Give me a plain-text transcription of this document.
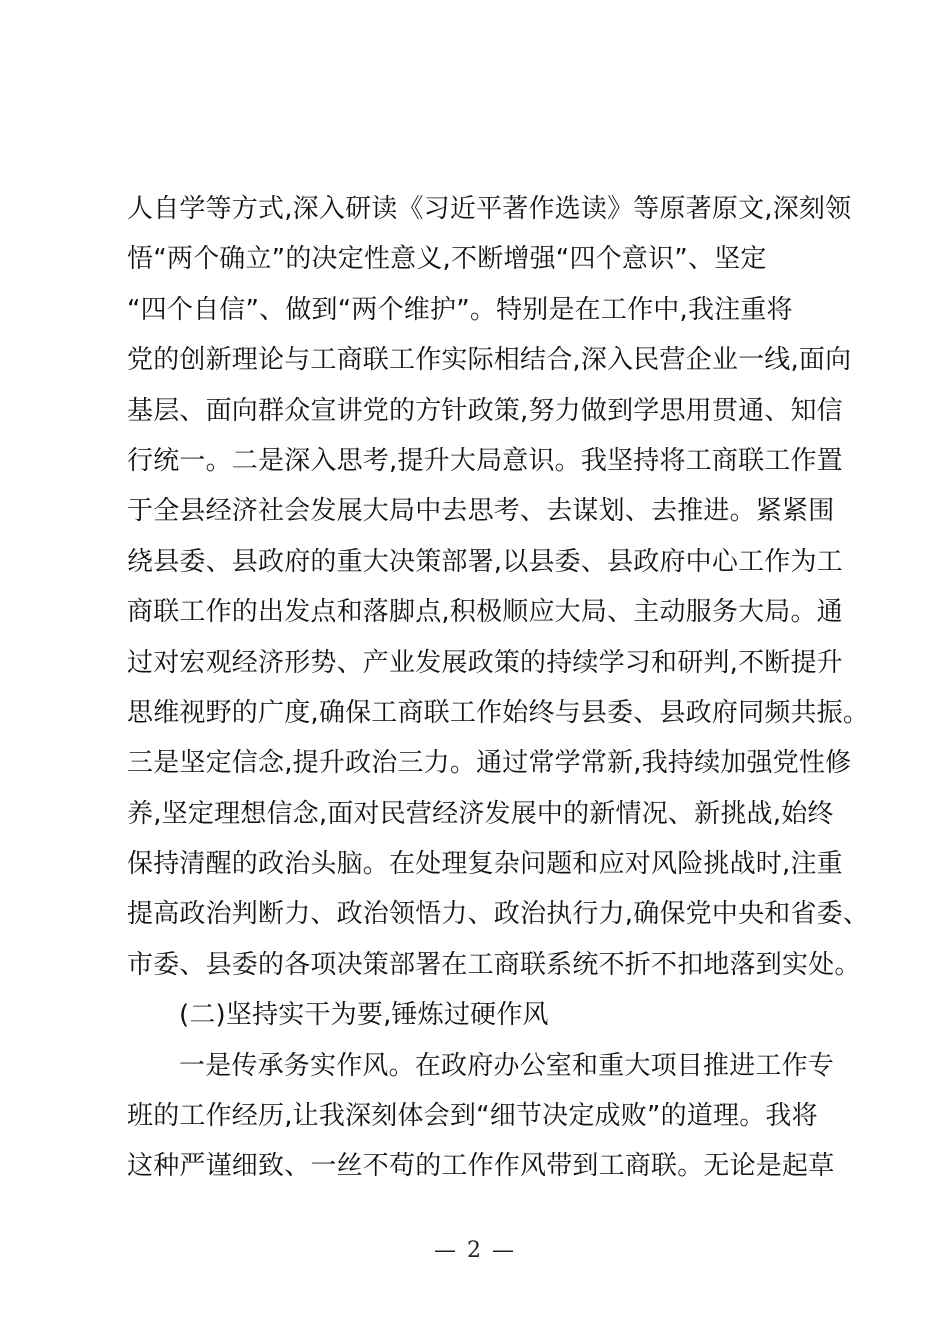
人自学等方式,深入研读《习近平著作选读》等原著原文,深刻领
悟“两个确立”的决定性意义,不断增强“四个意识”、坚定
“四个自信”、做到“两个维护”。特别是在工作中,我注重将
党的创新理论与工商联工作实际相结合,深入民营企业一线,面向
基层、面向群众宣讲党的方针政策,努力做到学思用贯通、知信
行统一。二是深入思考,提升大局意识。我坚持将工商联工作置
于全县经济社会发展大局中去思考、去谋划、去推进。紧紧围
绕县委、县政府的重大决策部署,以县委、县政府中心工作为工
商联工作的出发点和落脚点,积极顺应大局、主动服务大局。通
过对宏观经济形势、产业发展政策的持续学习和研判,不断提升
思维视野的广度,确保工商联工作始终与县委、县政府同频共振。
三是坚定信念,提升政治三力。通过常学常新,我持续加强党性修
养,坚定理想信念,面对民营经济发展中的新情况、新挑战,始终
保持清醒的政治头脑。在处理复杂问题和应对风险挑战时,注重
提高政治判断力、政治领悟力、政治执行力,确保党中央和省委、
市委、县委的各项决策部署在工商联系统不折不扣地落到实处。
(二)坚持实干为要,锤炼过硬作风
一是传承务实作风。在政府办公室和重大项目推进工作专
班的工作经历,让我深刻体会到“细节决定成败”的道理。我将
这种严谨细致、一丝不苟的工作作风带到工商联。无论是起草
— 2 —
